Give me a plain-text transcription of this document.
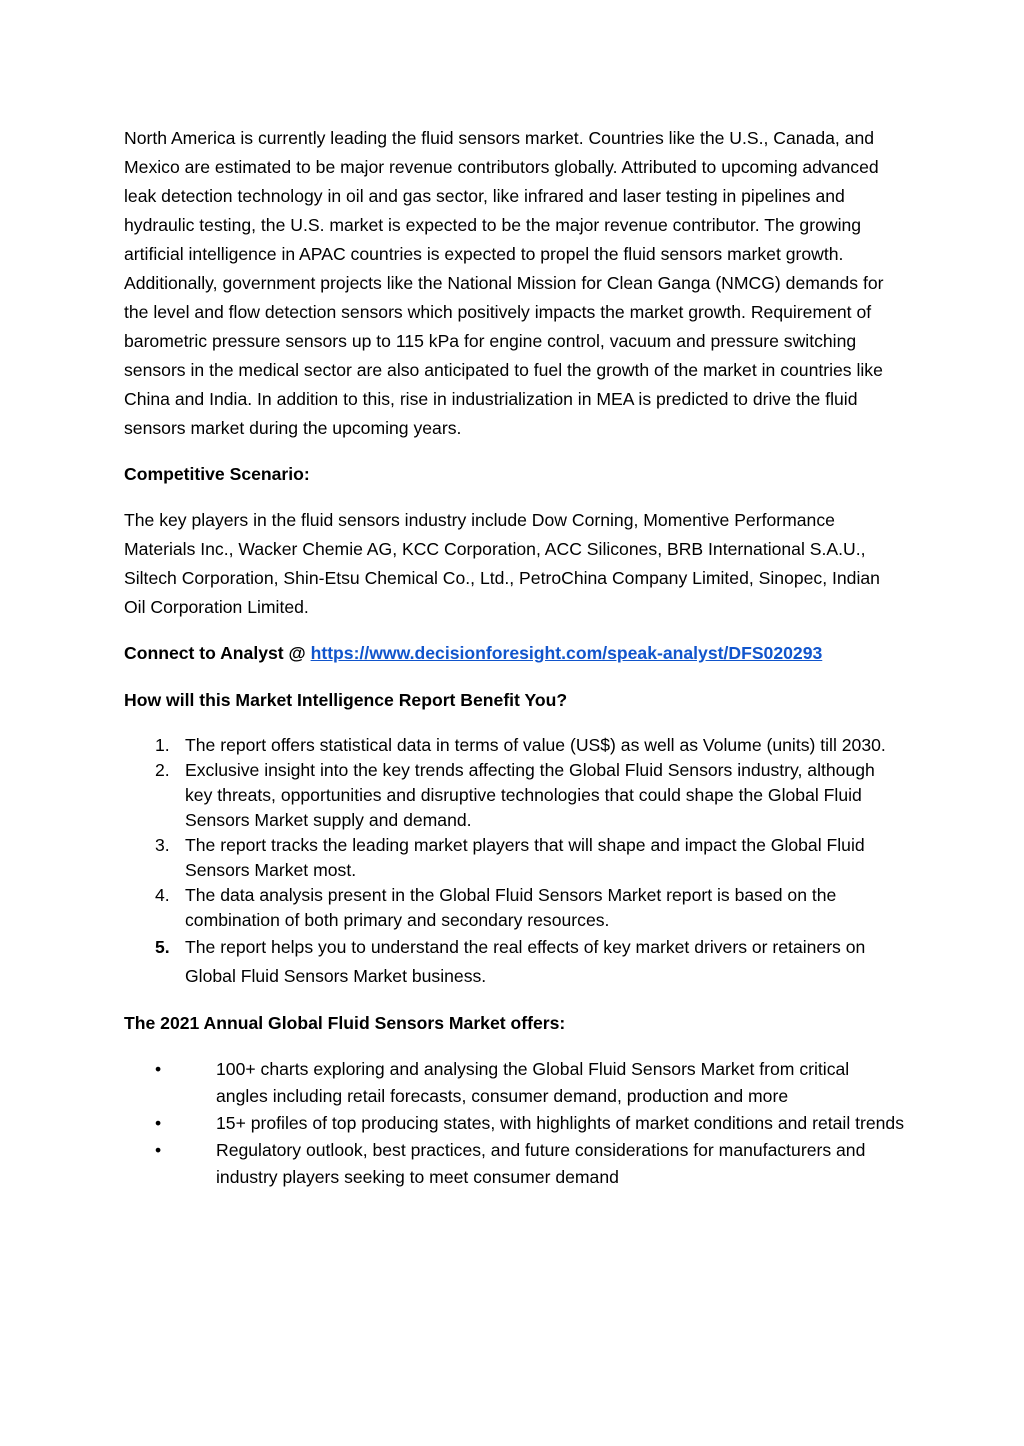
North America is currently leading the fluid sensors market. Countries like the U.S., Canada, and Mexico are estimated to be major revenue contributors globally. Attributed to upcoming advanced leak detection technology in oil and gas sector, like infrared and laser testing in pipelines and hydraulic testing, the U.S. market is expected to be the major revenue contributor. The growing artificial intelligence in APAC countries is expected to propel the fluid sensors market growth. Additionally, government projects like the National Mission for Clean Ganga (NMCG) demands for the level and flow detection sensors which positively impacts the market growth. Requirement of barometric pressure sensors up to 115 kPa for engine control, vacuum and pressure switching sensors in the medical sector are also anticipated to fuel the growth of the market in countries like China and India. In addition to this, rise in industrialization in MEA is predicted to drive the fluid sensors market during the upcoming years.

Competitive Scenario:

The key players in the fluid sensors industry include Dow Corning, Momentive Performance Materials Inc., Wacker Chemie AG, KCC Corporation, ACC Silicones, BRB International S.A.U., Siltech Corporation, Shin-Etsu Chemical Co., Ltd., PetroChina Company Limited, Sinopec, Indian Oil Corporation Limited.

Connect to Analyst @ https://www.decisionforesight.com/speak-analyst/DFS020293

How will this Market Intelligence Report Benefit You?

1. The report offers statistical data in terms of value (US$) as well as Volume (units) till 2030.
2. Exclusive insight into the key trends affecting the Global Fluid Sensors industry, although key threats, opportunities and disruptive technologies that could shape the Global Fluid Sensors Market supply and demand.
3. The report tracks the leading market players that will shape and impact the Global Fluid Sensors Market most.
4. The data analysis present in the Global Fluid Sensors Market report is based on the combination of both primary and secondary resources.
5. The report helps you to understand the real effects of key market drivers or retainers on Global Fluid Sensors Market business.

The 2021 Annual Global Fluid Sensors Market offers:

•	100+ charts exploring and analysing the Global Fluid Sensors Market from critical angles including retail forecasts, consumer demand, production and more
•	15+ profiles of top producing states, with highlights of market conditions and retail trends
•	Regulatory outlook, best practices, and future considerations for manufacturers and industry players seeking to meet consumer demand
